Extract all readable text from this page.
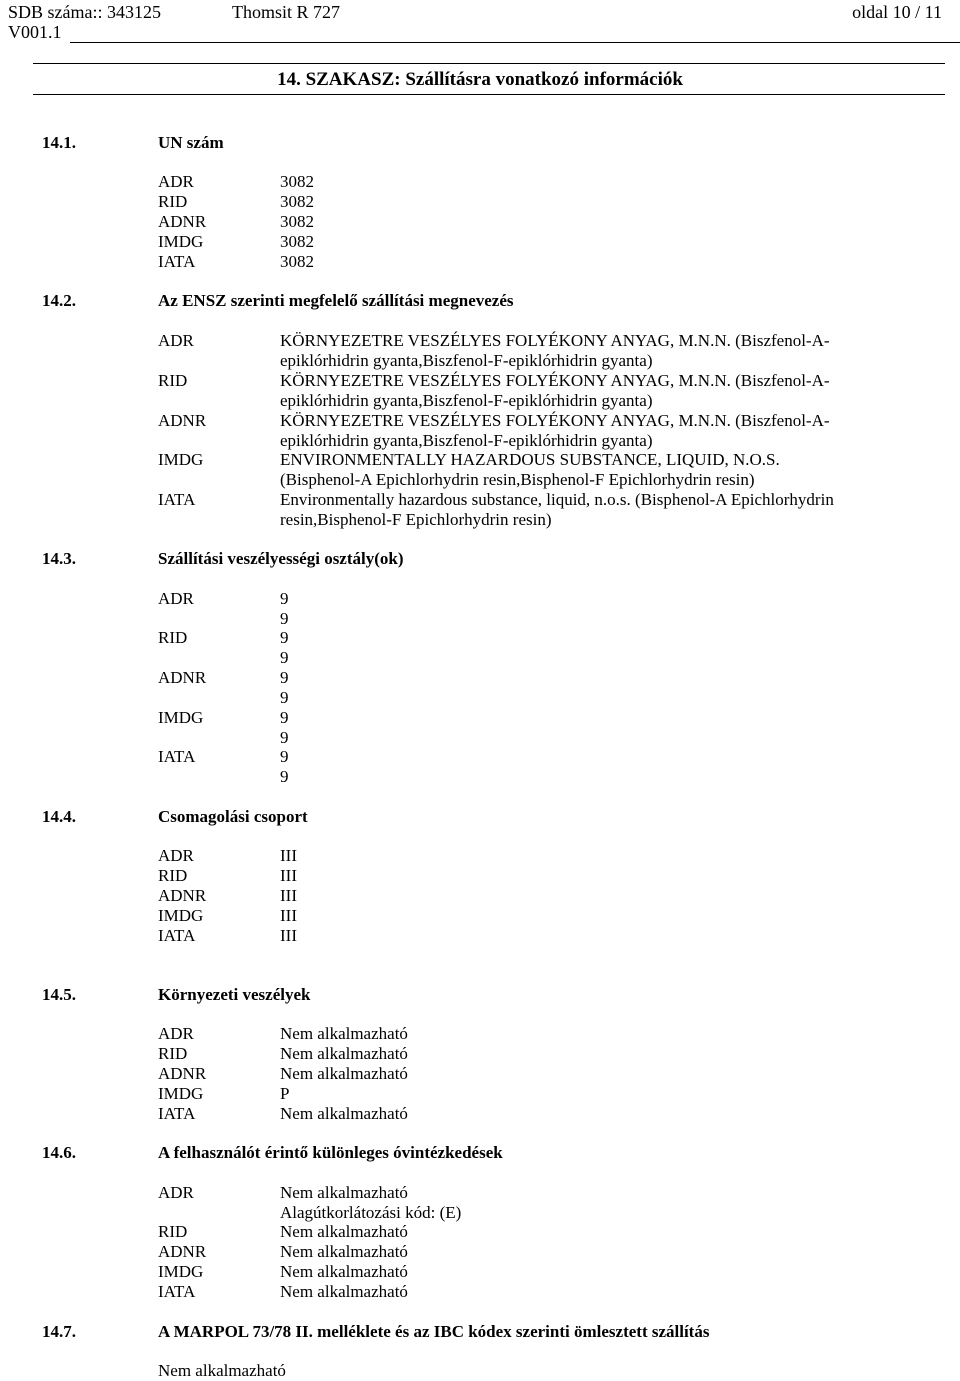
SDB száma:: 343125	Thomsit R 727	oldal 10 / 11
V001.1
14. SZAKASZ: Szállításra vonatkozó információk
14.1.	UN szám
ADR	3082
RID	3082
ADNR	3082
IMDG	3082
IATA	3082
14.2.	Az ENSZ szerinti megfelelő szállítási megnevezés
ADR	KÖRNYEZETRE VESZÉLYES FOLYÉKONY ANYAG, M.N.N. (Biszfenol-A-
epiklórhidrin gyanta,Biszfenol-F-epiklórhidrin gyanta)
RID	KÖRNYEZETRE VESZÉLYES FOLYÉKONY ANYAG, M.N.N. (Biszfenol-A-
epiklórhidrin gyanta,Biszfenol-F-epiklórhidrin gyanta)
ADNR	KÖRNYEZETRE VESZÉLYES FOLYÉKONY ANYAG, M.N.N. (Biszfenol-A-
epiklórhidrin gyanta,Biszfenol-F-epiklórhidrin gyanta)
IMDG	ENVIRONMENTALLY HAZARDOUS SUBSTANCE, LIQUID, N.O.S.
(Bisphenol-A Epichlorhydrin resin,Bisphenol-F Epichlorhydrin resin)
IATA	Environmentally hazardous substance, liquid, n.o.s. (Bisphenol-A Epichlorhydrin
resin,Bisphenol-F Epichlorhydrin resin)
14.3.	Szállítási veszélyességi osztály(ok)
ADR	9
9
RID	9
9
ADNR	9
9
IMDG	9
9
IATA	9
9
14.4.	Csomagolási csoport
ADR	III
RID	III
ADNR	III
IMDG	III
IATA	III
14.5.	Környezeti veszélyek
ADR	Nem alkalmazható
RID	Nem alkalmazható
ADNR	Nem alkalmazható
IMDG	P
IATA	Nem alkalmazható
14.6.	A felhasználót érintő különleges óvintézkedések
ADR	Nem alkalmazható
Alagútkorlátozási kód: (E)
RID	Nem alkalmazható
ADNR	Nem alkalmazható
IMDG	Nem alkalmazható
IATA	Nem alkalmazható
14.7.	A MARPOL 73/78 II. melléklete és az IBC kódex szerinti ömlesztett szállítás
Nem alkalmazható
